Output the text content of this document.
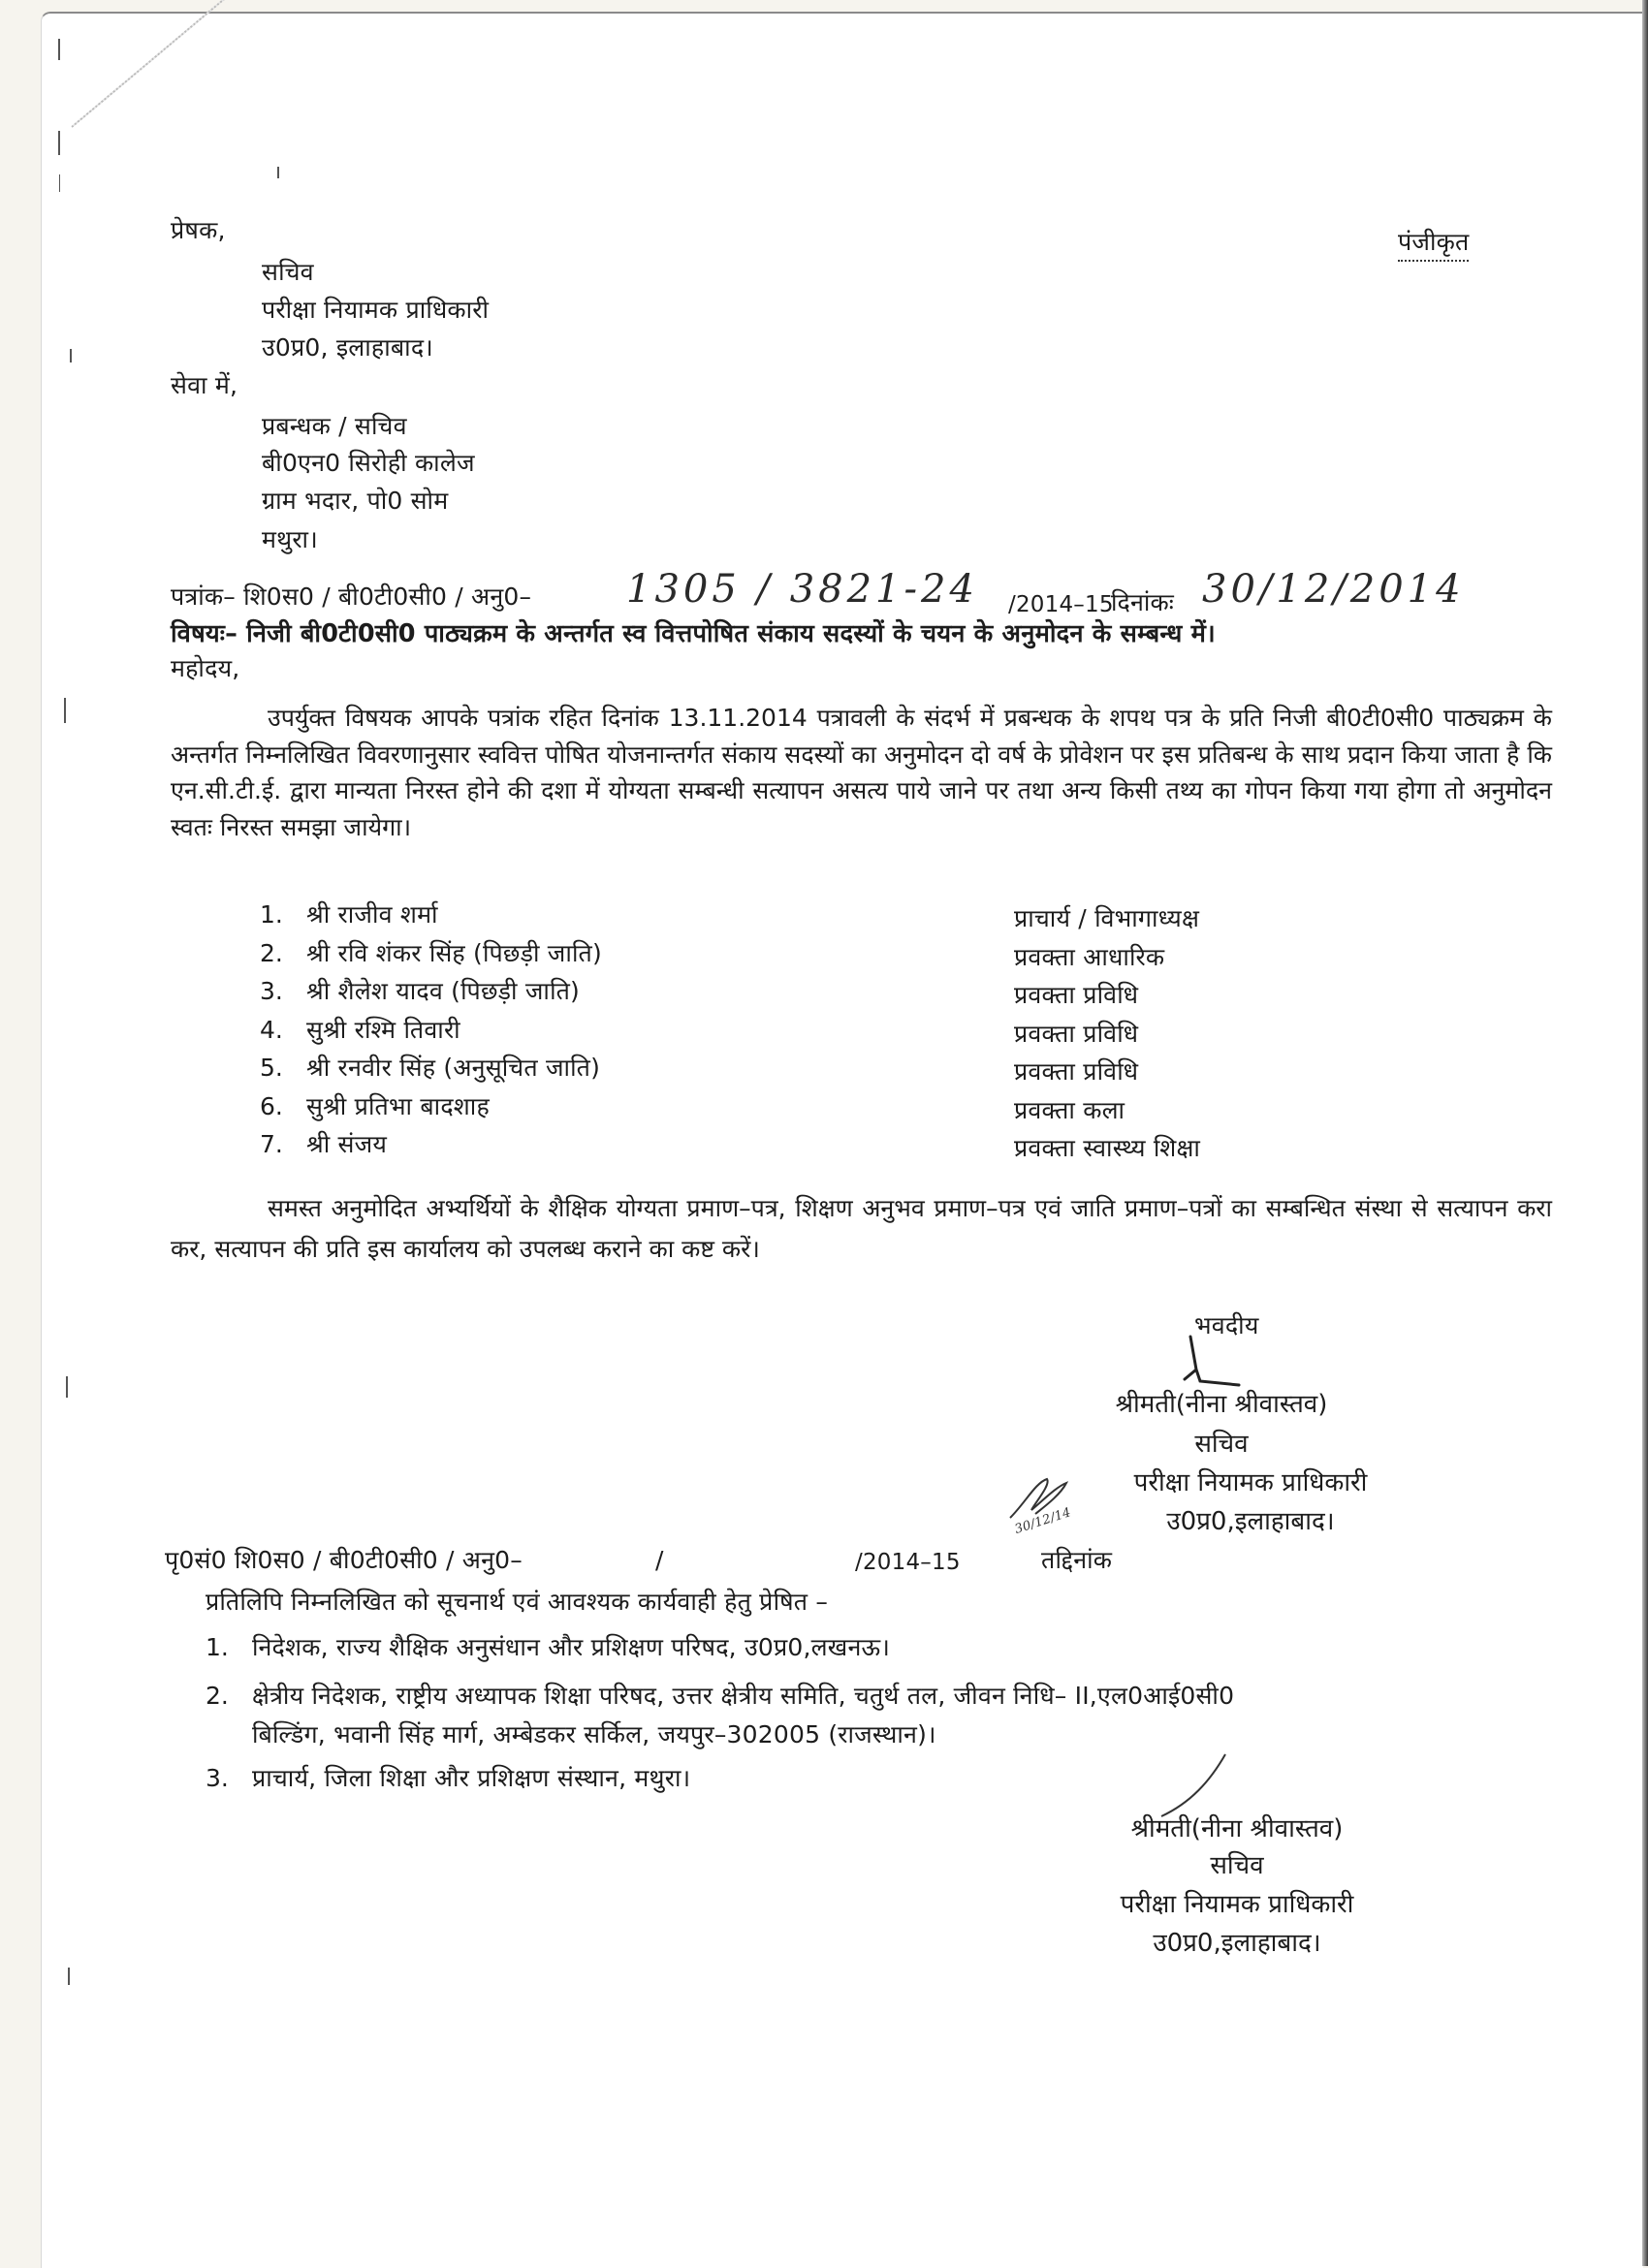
पंजीकृत
प्रेषक,
सचिव
परीक्षा नियामक प्राधिकारी
उ0प्र0, इलाहाबाद।
सेवा में,
प्रबन्धक / सचिव
बी0एन0 सिरोही कालेज
ग्राम भदार, पो0 सोम
मथुरा।
पत्रांक– शि0स0 / बी0टी0सी0 / अनु0– 1305 / 3821-24 /2014–15
दिनांकः 30/12/2014
विषयः– निजी बी0टी0सी0 पाठ्यक्रम के अन्तर्गत स्व वित्तपोषित संकाय सदस्यों के चयन के अनुमोदन के सम्बन्ध में।
महोदय,
उपर्युक्त विषयक आपके पत्रांक रहित दिनांक 13.11.2014 पत्रावली के संदर्भ में प्रबन्धक के शपथ पत्र के प्रति निजी बी0टी0सी0 पाठ्यक्रम के अन्तर्गत निम्नलिखित विवरणानुसार स्ववित्त पोषित योजनान्तर्गत संकाय सदस्यों का अनुमोदन दो वर्ष के प्रोवेशन पर इस प्रतिबन्ध के साथ प्रदान किया जाता है कि एन.सी.टी.ई. द्वारा मान्यता निरस्त होने की दशा में योग्यता सम्बन्धी सत्यापन असत्य पाये जाने पर तथा अन्य किसी तथ्य का गोपन किया गया होगा तो अनुमोदन स्वतः निरस्त समझा जायेगा।
1. श्री राजीव शर्मा	प्राचार्य / विभागाध्यक्ष
2. श्री रवि शंकर सिंह (पिछड़ी जाति)	प्रवक्ता आधारिक
3. श्री शैलेश यादव (पिछड़ी जाति)	प्रवक्ता प्रविधि
4. सुश्री रश्मि तिवारी	प्रवक्ता प्रविधि
5. श्री रनवीर सिंह (अनुसूचित जाति)	प्रवक्ता प्रविधि
6. सुश्री प्रतिभा बादशाह	प्रवक्ता कला
7. श्री संजय	प्रवक्ता स्वास्थ्य शिक्षा
समस्त अनुमोदित अभ्यर्थियों के शैक्षिक योग्यता प्रमाण–पत्र, शिक्षण अनुभव प्रमाण–पत्र एवं जाति प्रमाण–पत्रों का सम्बन्धित संस्था से सत्यापन करा कर, सत्यापन की प्रति इस कार्यालय को उपलब्ध कराने का कष्ट करें।
भवदीय
श्रीमती(नीना श्रीवास्तव)
सचिव
30/12/14
परीक्षा नियामक प्राधिकारी
उ0प्र0,इलाहाबाद।
पृ0सं0 शि0स0 / बी0टी0सी0 / अनु0–	/	/2014–15	तद्दिनांक
प्रतिलिपि निम्नलिखित को सूचनार्थ एवं आवश्यक कार्यवाही हेतु प्रेषित –
1. निदेशक, राज्य शैक्षिक अनुसंधान और प्रशिक्षण परिषद, उ0प्र0,लखनऊ।
2. क्षेत्रीय निदेशक, राष्ट्रीय अध्यापक शिक्षा परिषद, उत्तर क्षेत्रीय समिति, चतुर्थ तल, जीवन निधि– II,एल0आई0सी0
बिल्डिंग, भवानी सिंह मार्ग, अम्बेडकर सर्किल, जयपुर–302005 (राजस्थान)।
3. प्राचार्य, जिला शिक्षा और प्रशिक्षण संस्थान, मथुरा।
श्रीमती(नीना श्रीवास्तव)
सचिव
परीक्षा नियामक प्राधिकारी
उ0प्र0,इलाहाबाद।
